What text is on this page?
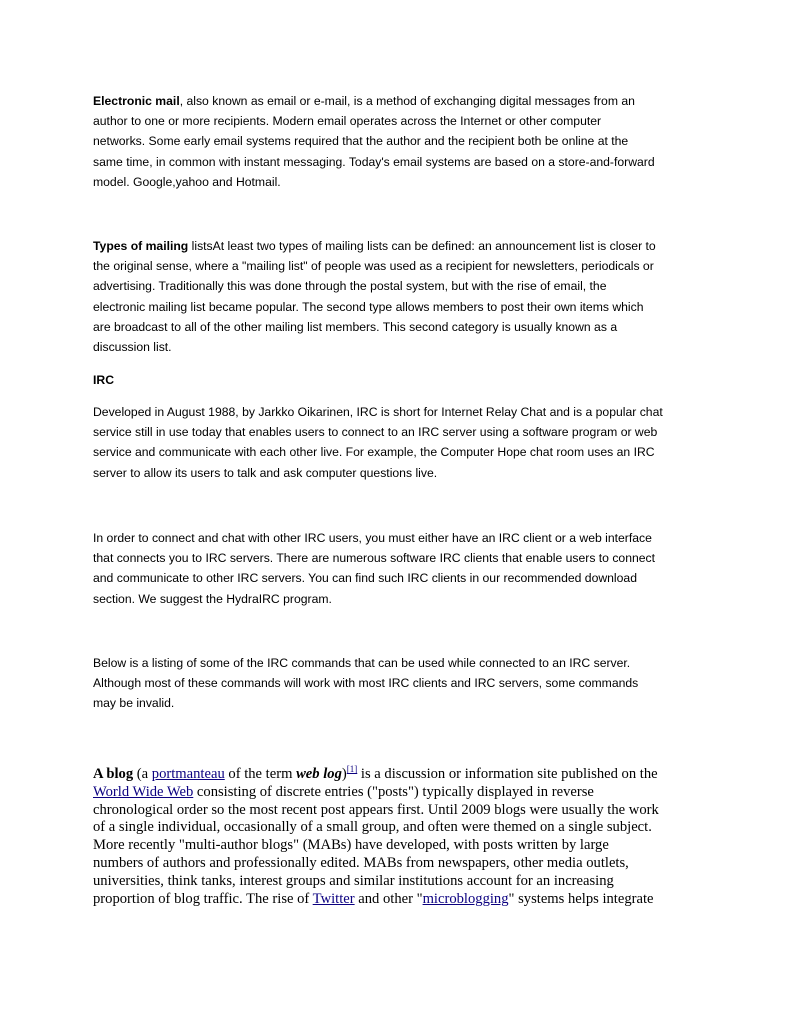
Electronic mail, also known as email or e-mail, is a method of exchanging digital messages from an
author to one or more recipients. Modern email operates across the Internet or other computer
networks. Some early email systems required that the author and the recipient both be online at the
same time, in common with instant messaging. Today's email systems are based on a store-and-forward
model. Google,yahoo and Hotmail.

Types of mailing listsAt least two types of mailing lists can be defined: an announcement list is closer to
the original sense, where a "mailing list" of people was used as a recipient for newsletters, periodicals or
advertising. Traditionally this was done through the postal system, but with the rise of email, the
electronic mailing list became popular. The second type allows members to post their own items which
are broadcast to all of the other mailing list members. This second category is usually known as a
discussion list.

IRC

Developed in August 1988, by Jarkko Oikarinen, IRC is short for Internet Relay Chat and is a popular chat
service still in use today that enables users to connect to an IRC server using a software program or web
service and communicate with each other live. For example, the Computer Hope chat room uses an IRC
server to allow its users to talk and ask computer questions live.

In order to connect and chat with other IRC users, you must either have an IRC client or a web interface
that connects you to IRC servers. There are numerous software IRC clients that enable users to connect
and communicate to other IRC servers. You can find such IRC clients in our recommended download
section. We suggest the HydraIRC program.

Below is a listing of some of the IRC commands that can be used while connected to an IRC server.
Although most of these commands will work with most IRC clients and IRC servers, some commands
may be invalid.

A blog (a portmanteau of the term web log)[1] is a discussion or information site published on the
World Wide Web consisting of discrete entries ("posts") typically displayed in reverse
chronological order so the most recent post appears first. Until 2009 blogs were usually the work
of a single individual, occasionally of a small group, and often were themed on a single subject.
More recently "multi-author blogs" (MABs) have developed, with posts written by large
numbers of authors and professionally edited. MABs from newspapers, other media outlets,
universities, think tanks, interest groups and similar institutions account for an increasing
proportion of blog traffic. The rise of Twitter and other "microblogging" systems helps integrate
